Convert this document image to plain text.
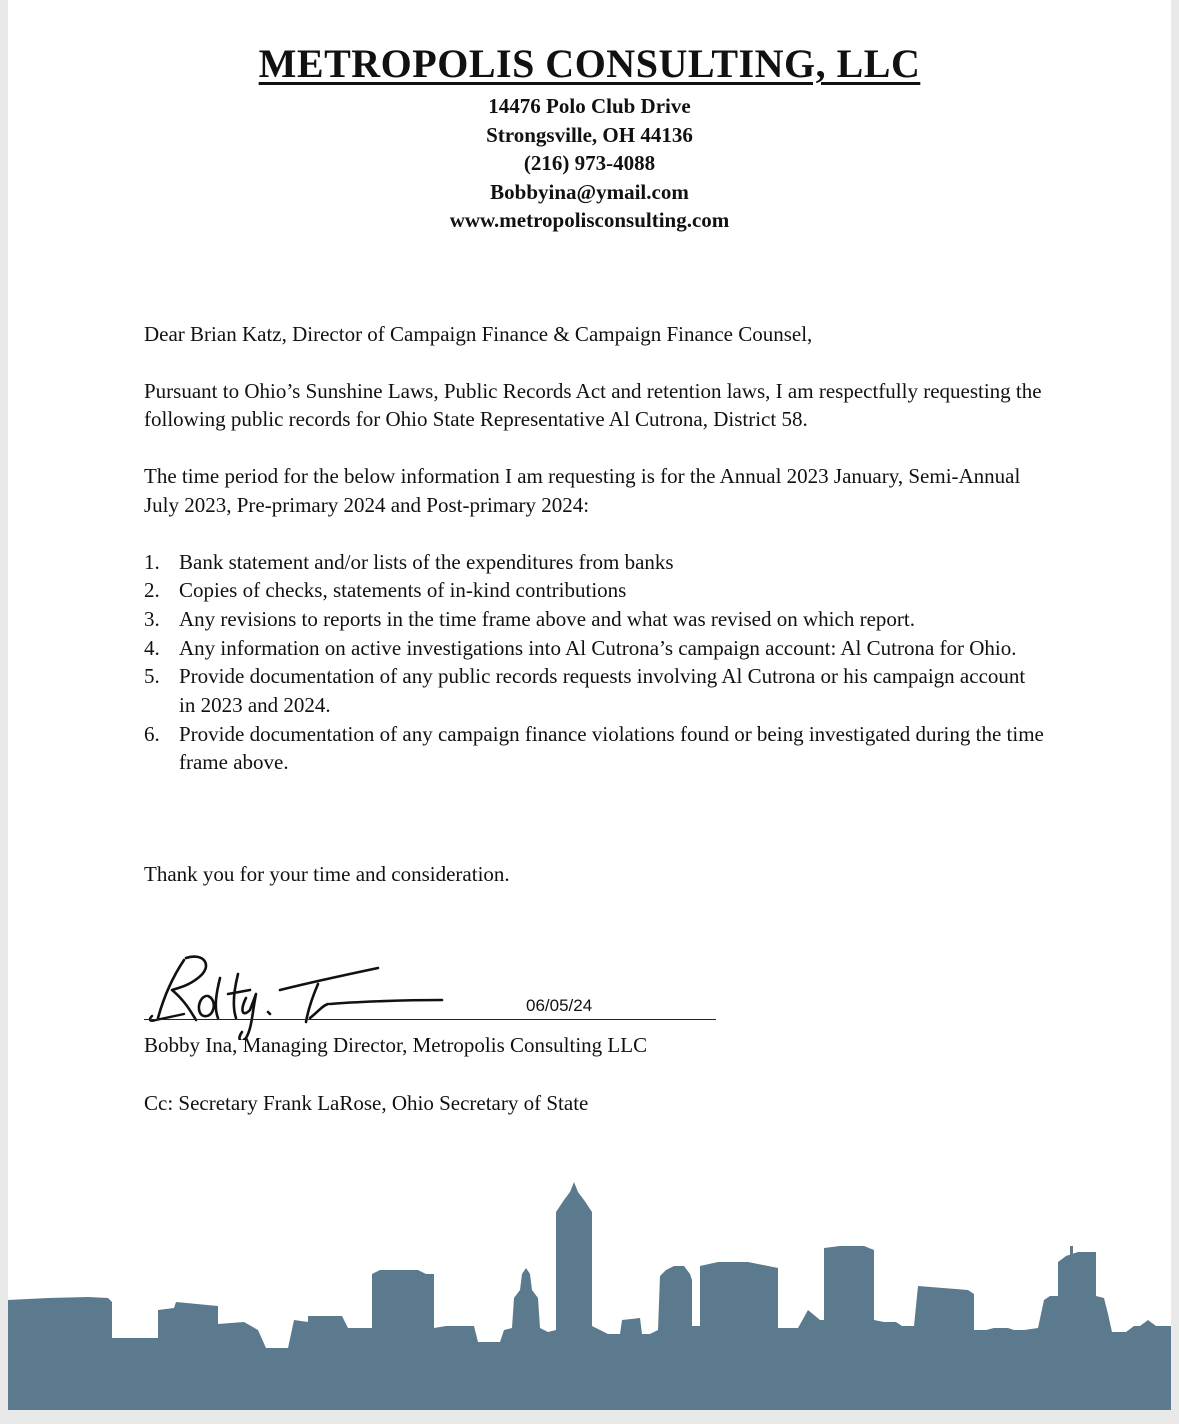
METROPOLIS CONSULTING, LLC
14476 Polo Club Drive
Strongsville, OH 44136
(216) 973-4088
Bobbyina@ymail.com
www.metropolisconsulting.com

Dear Brian Katz, Director of Campaign Finance & Campaign Finance Counsel,

Pursuant to Ohio’s Sunshine Laws, Public Records Act and retention laws, I am respectfully requesting the following public records for Ohio State Representative Al Cutrona, District 58.

The time period for the below information I am requesting is for the Annual 2023 January, Semi-Annual July 2023, Pre-primary 2024 and Post-primary 2024:

1. Bank statement and/or lists of the expenditures from banks
2. Copies of checks, statements of in-kind contributions
3. Any revisions to reports in the time frame above and what was revised on which report.
4. Any information on active investigations into Al Cutrona’s campaign account: Al Cutrona for Ohio.
5. Provide documentation of any public records requests involving Al Cutrona or his campaign account in 2023 and 2024.
6. Provide documentation of any campaign finance violations found or being investigated during the time frame above.
Thank you for your time and consideration.
06/05/24
Bobby Ina, Managing Director, Metropolis Consulting LLC
Cc: Secretary Frank LaRose, Ohio Secretary of State
